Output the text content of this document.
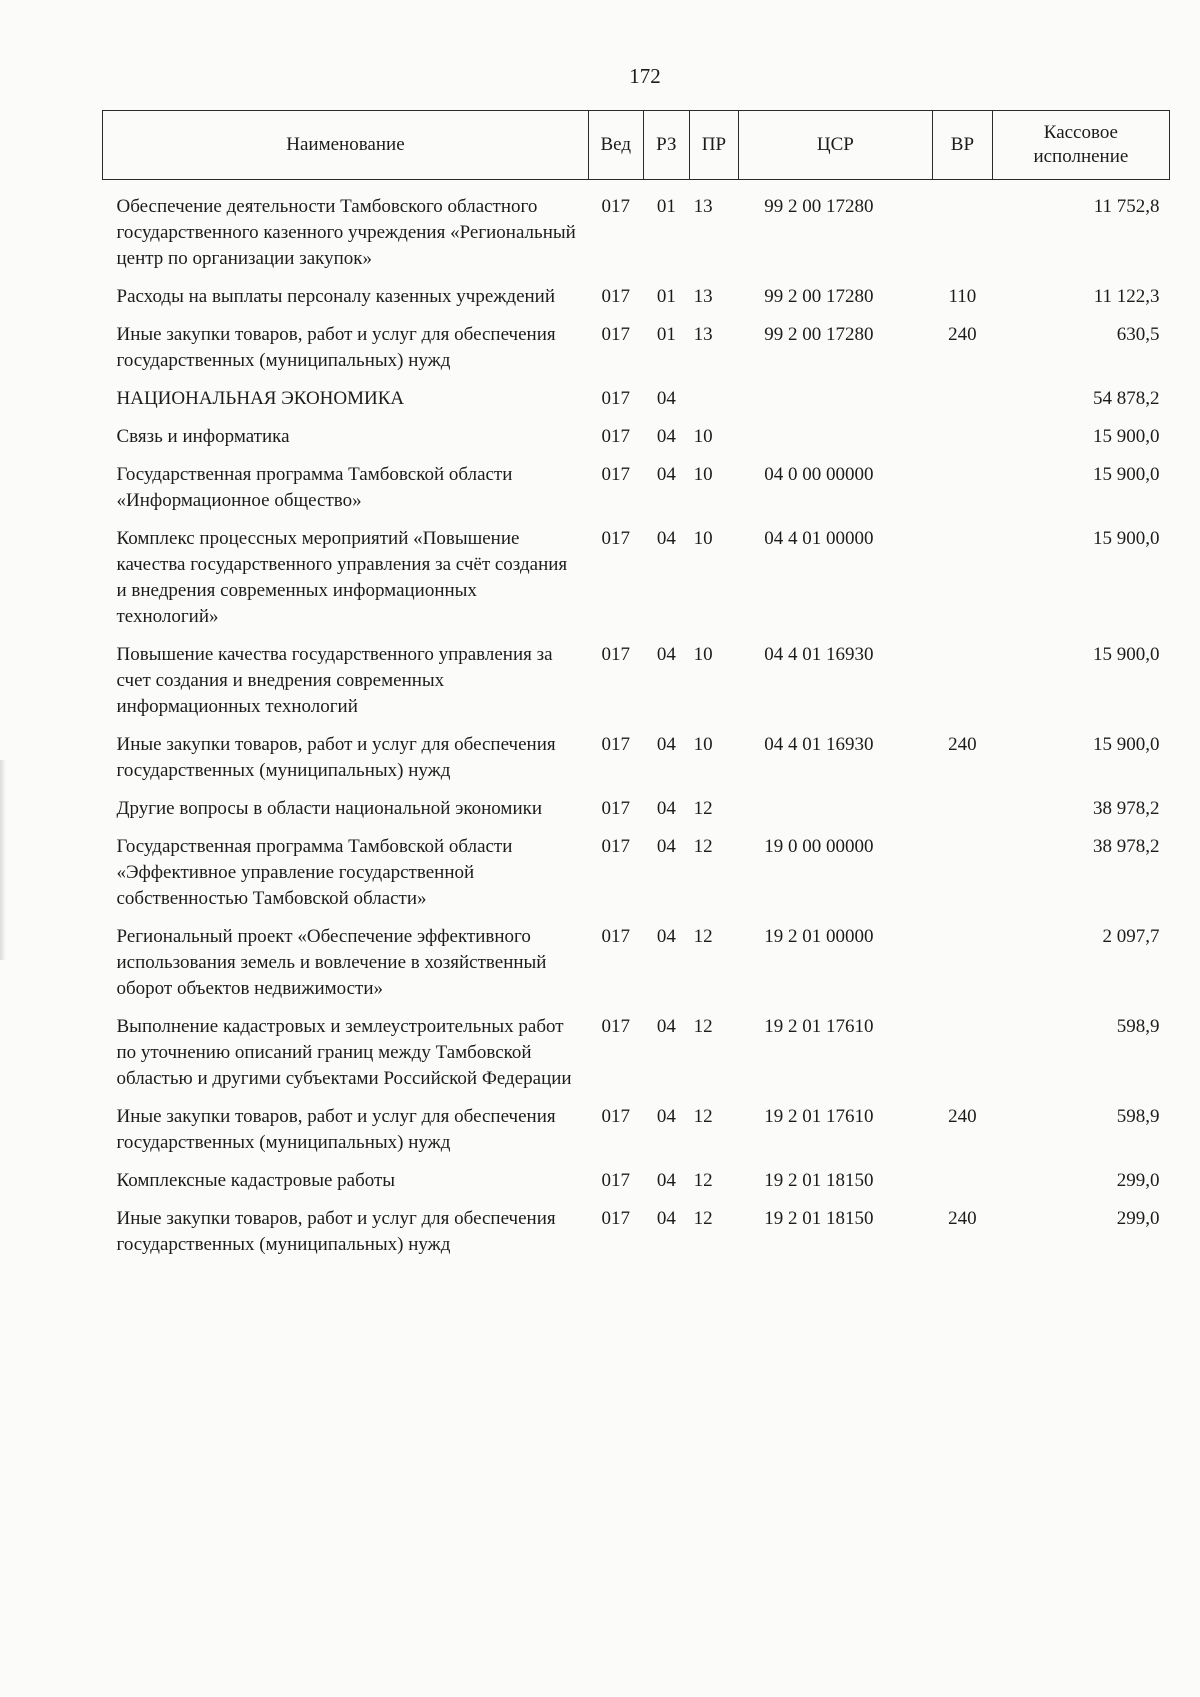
172
Наименование	Вед	РЗ	ПР	ЦСР	ВР	Кассовое исполнение
Обеспечение деятельности Тамбовского областного государственного казенного учреждения «Региональный центр по организации закупок»	017	01	13	99 2 00 17280		11 752,8
Расходы на выплаты персоналу казенных учреждений	017	01	13	99 2 00 17280	110	11 122,3
Иные закупки товаров, работ и услуг для обеспечения государственных (муниципальных) нужд	017	01	13	99 2 00 17280	240	630,5
НАЦИОНАЛЬНАЯ ЭКОНОМИКА	017	04				54 878,2
Связь и информатика	017	04	10			15 900,0
Государственная программа Тамбовской области «Информационное общество»	017	04	10	04 0 00 00000		15 900,0
Комплекс процессных мероприятий «Повышение качества государственного управления за счёт создания и внедрения современных информационных технологий»	017	04	10	04 4 01 00000		15 900,0
Повышение качества государственного управления за счет создания и внедрения современных информационных технологий	017	04	10	04 4 01 16930		15 900,0
Иные закупки товаров, работ и услуг для обеспечения государственных (муниципальных) нужд	017	04	10	04 4 01 16930	240	15 900,0
Другие вопросы в области национальной экономики	017	04	12			38 978,2
Государственная программа Тамбовской области «Эффективное управление государственной собственностью Тамбовской области»	017	04	12	19 0 00 00000		38 978,2
Региональный проект «Обеспечение эффективного использования земель и вовлечение в хозяйственный оборот объектов недвижимости»	017	04	12	19 2 01 00000		2 097,7
Выполнение кадастровых и землеустроительных работ по уточнению описаний границ между Тамбовской областью и другими субъектами Российской Федерации	017	04	12	19 2 01 17610		598,9
Иные закупки товаров, работ и услуг для обеспечения государственных (муниципальных) нужд	017	04	12	19 2 01 17610	240	598,9
Комплексные кадастровые работы	017	04	12	19 2 01 18150		299,0
Иные закупки товаров, работ и услуг для обеспечения государственных (муниципальных) нужд	017	04	12	19 2 01 18150	240	299,0
